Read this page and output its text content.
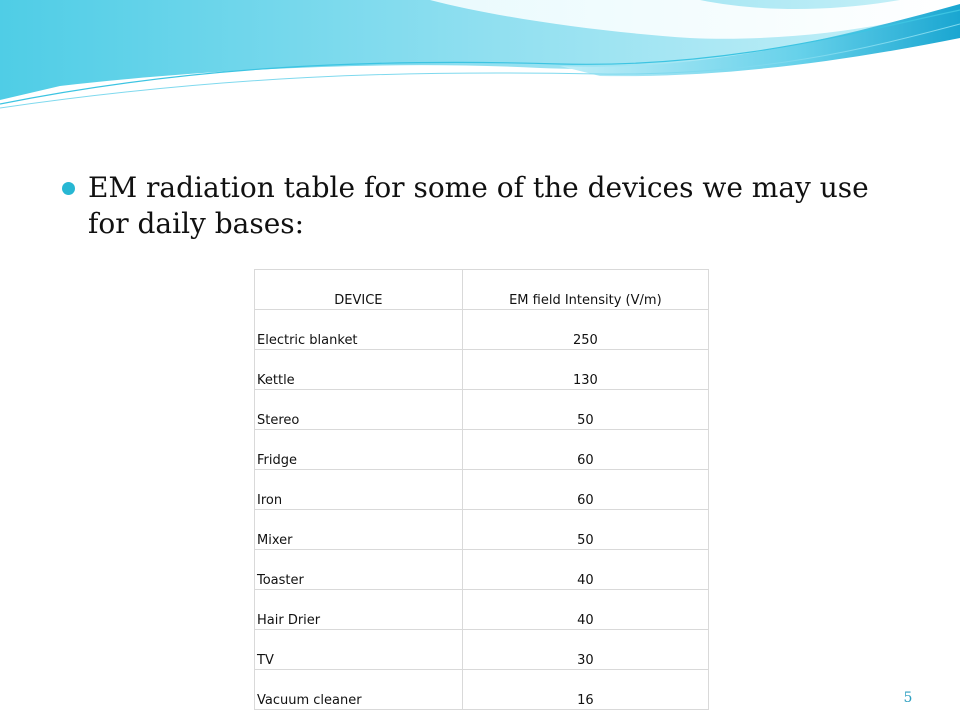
EM radiation table for some of the devices we may use for daily bases:

DEVICE	EM field Intensity (V/m)
Electric blanket	250
Kettle	130
Stereo	50
Fridge	60
Iron	60
Mixer	50
Toaster	40
Hair Drier	40
TV	30
Vacuum cleaner	16	5
